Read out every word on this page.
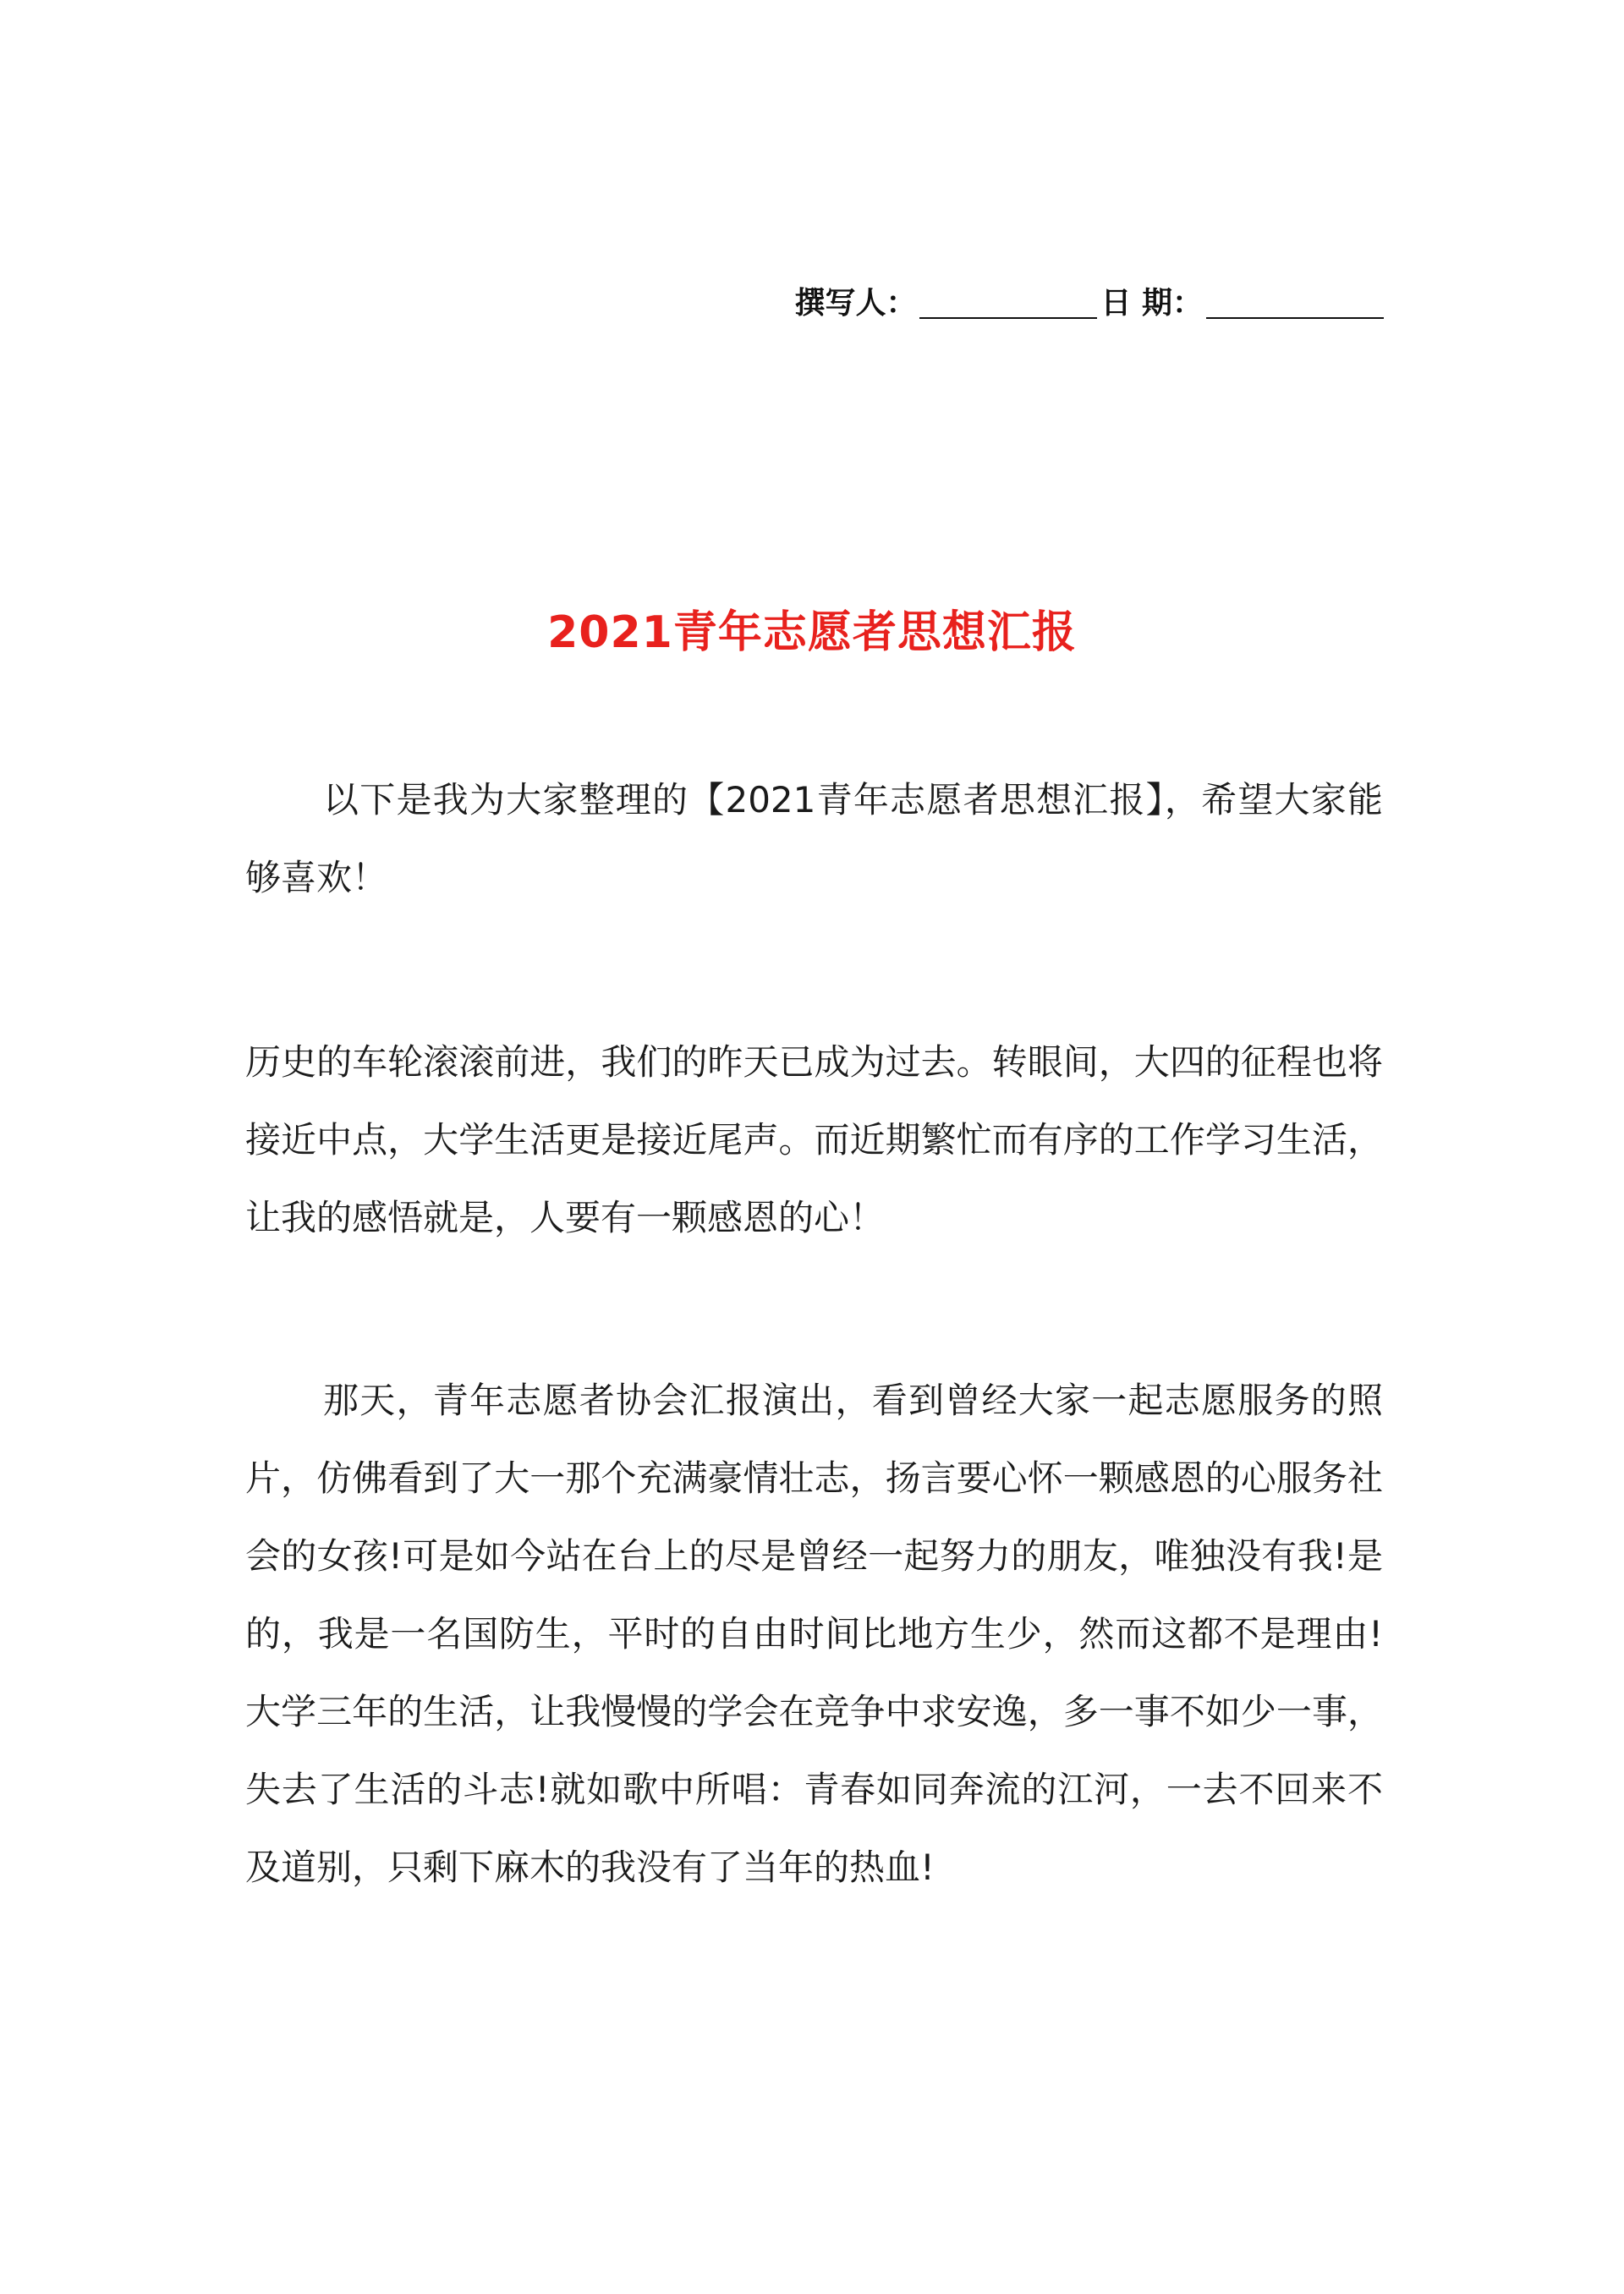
撰写人：	日 期：
2021青年志愿者思想汇报

以下是我为大家整理的【2021青年志愿者思想汇报】，希望大家能够喜欢！

历史的车轮滚滚前进，我们的昨天已成为过去。转眼间，大四的征程也将接近中点，大学生活更是接近尾声。而近期繁忙而有序的工作学习生活，让我的感悟就是，人要有一颗感恩的心！

那天，青年志愿者协会汇报演出，看到曾经大家一起志愿服务的照片，仿佛看到了大一那个充满豪情壮志，扬言要心怀一颗感恩的心服务社会的女孩!可是如今站在台上的尽是曾经一起努力的朋友，唯独没有我!是的，我是一名国防生，平时的自由时间比地方生少，然而这都不是理由!大学三年的生活，让我慢慢的学会在竞争中求安逸，多一事不如少一事，失去了生活的斗志!就如歌中所唱：青春如同奔流的江河，一去不回来不及道别，只剩下麻木的我没有了当年的热血!
